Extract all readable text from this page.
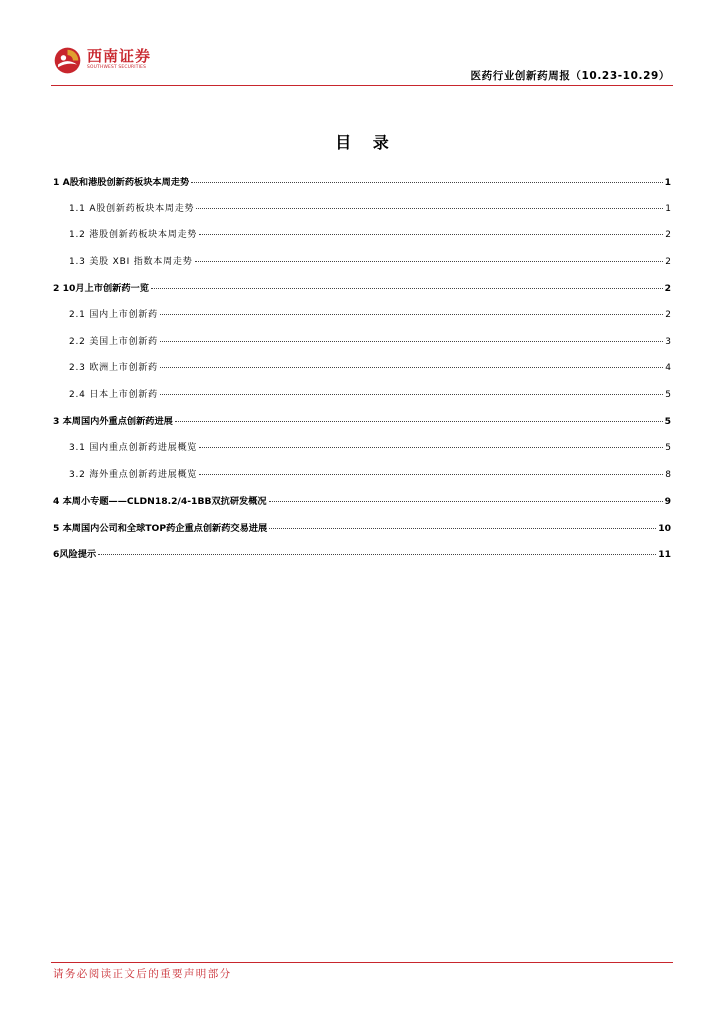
西南证券
SOUTHWEST SECURITIES
医药行业创新药周报（10.23-10.29）
目 录
1 A股和港股创新药板块本周走势	1
1.1 A股创新药板块本周走势	1
1.2 港股创新药板块本周走势	2
1.3 美股 XBI 指数本周走势	2
2 10月上市创新药一览	2
2.1 国内上市创新药	2
2.2 美国上市创新药	3
2.3 欧洲上市创新药	4
2.4 日本上市创新药	5
3 本周国内外重点创新药进展	5
3.1 国内重点创新药进展概览	5
3.2 海外重点创新药进展概览	8
4 本周小专题——CLDN18.2/4-1BB双抗研发概况	9
5 本周国内公司和全球TOP药企重点创新药交易进展	10
6风险提示	11
请务必阅读正文后的重要声明部分
